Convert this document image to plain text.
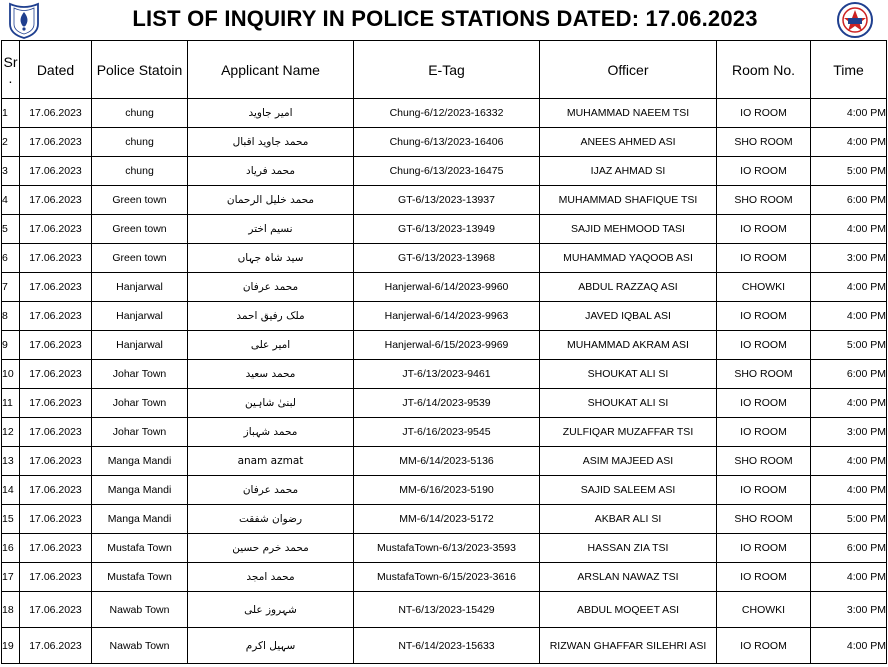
LIST OF INQUIRY IN POLICE STATIONS DATED: 17.06.2023
Sr
.	Dated	Police Statoin	Applicant Name	E-Tag	Officer	Room No.	Time
1	17.06.2023	chung	امیر جاوید	Chung-6/12/2023-16332	MUHAMMAD NAEEM TSI	IO ROOM	4:00 PM
2	17.06.2023	chung	محمد جاوید اقبال	Chung-6/13/2023-16406	ANEES AHMED ASI	SHO ROOM	4:00 PM
3	17.06.2023	chung	محمد فریاد	Chung-6/13/2023-16475	IJAZ AHMAD SI	IO ROOM	5:00 PM
4	17.06.2023	Green town	محمد خلیل الرحمان	GT-6/13/2023-13937	MUHAMMAD SHAFIQUE TSI	SHO ROOM	6:00 PM
5	17.06.2023	Green town	نسیم اختر	GT-6/13/2023-13949	SAJID MEHMOOD TASI	IO ROOM	4:00 PM
6	17.06.2023	Green town	سید شاہ جہاں	GT-6/13/2023-13968	MUHAMMAD YAQOOB ASI	IO ROOM	3:00 PM
7	17.06.2023	Hanjarwal	محمد عرفان	Hanjerwal-6/14/2023-9960	ABDUL RAZZAQ ASI	CHOWKI	4:00 PM
8	17.06.2023	Hanjarwal	ملک رفیق احمد	Hanjerwal-6/14/2023-9963	JAVED IQBAL ASI	IO ROOM	4:00 PM
9	17.06.2023	Hanjarwal	امیر علی	Hanjerwal-6/15/2023-9969	MUHAMMAD AKRAM ASI	IO ROOM	5:00 PM
10	17.06.2023	Johar Town	محمد سعید	JT-6/13/2023-9461	SHOUKAT ALI SI	SHO ROOM	6:00 PM
11	17.06.2023	Johar Town	لبنیٰ شاہین	JT-6/14/2023-9539	SHOUKAT ALI SI	IO ROOM	4:00 PM
12	17.06.2023	Johar Town	محمد شہباز	JT-6/16/2023-9545	ZULFIQAR MUZAFFAR TSI	IO ROOM	3:00 PM
13	17.06.2023	Manga Mandi	anam azmat	MM-6/14/2023-5136	ASIM MAJEED ASI	SHO ROOM	4:00 PM
14	17.06.2023	Manga Mandi	محمد عرفان	MM-6/16/2023-5190	SAJID SALEEM ASI	IO ROOM	4:00 PM
15	17.06.2023	Manga Mandi	رضوان شفقت	MM-6/14/2023-5172	AKBAR ALI SI	SHO ROOM	5:00 PM
16	17.06.2023	Mustafa Town	محمد خرم حسین	MustafaTown-6/13/2023-3593	HASSAN ZIA TSI	IO ROOM	6:00 PM
17	17.06.2023	Mustafa Town	محمد امجد	MustafaTown-6/15/2023-3616	ARSLAN NAWAZ TSI	IO ROOM	4:00 PM
18	17.06.2023	Nawab Town	شہروز علی	NT-6/13/2023-15429	ABDUL MOQEET ASI	CHOWKI	3:00 PM
19	17.06.2023	Nawab Town	سہیل اکرم	NT-6/14/2023-15633	RIZWAN GHAFFAR SILEHRI ASI	IO ROOM	4:00 PM
